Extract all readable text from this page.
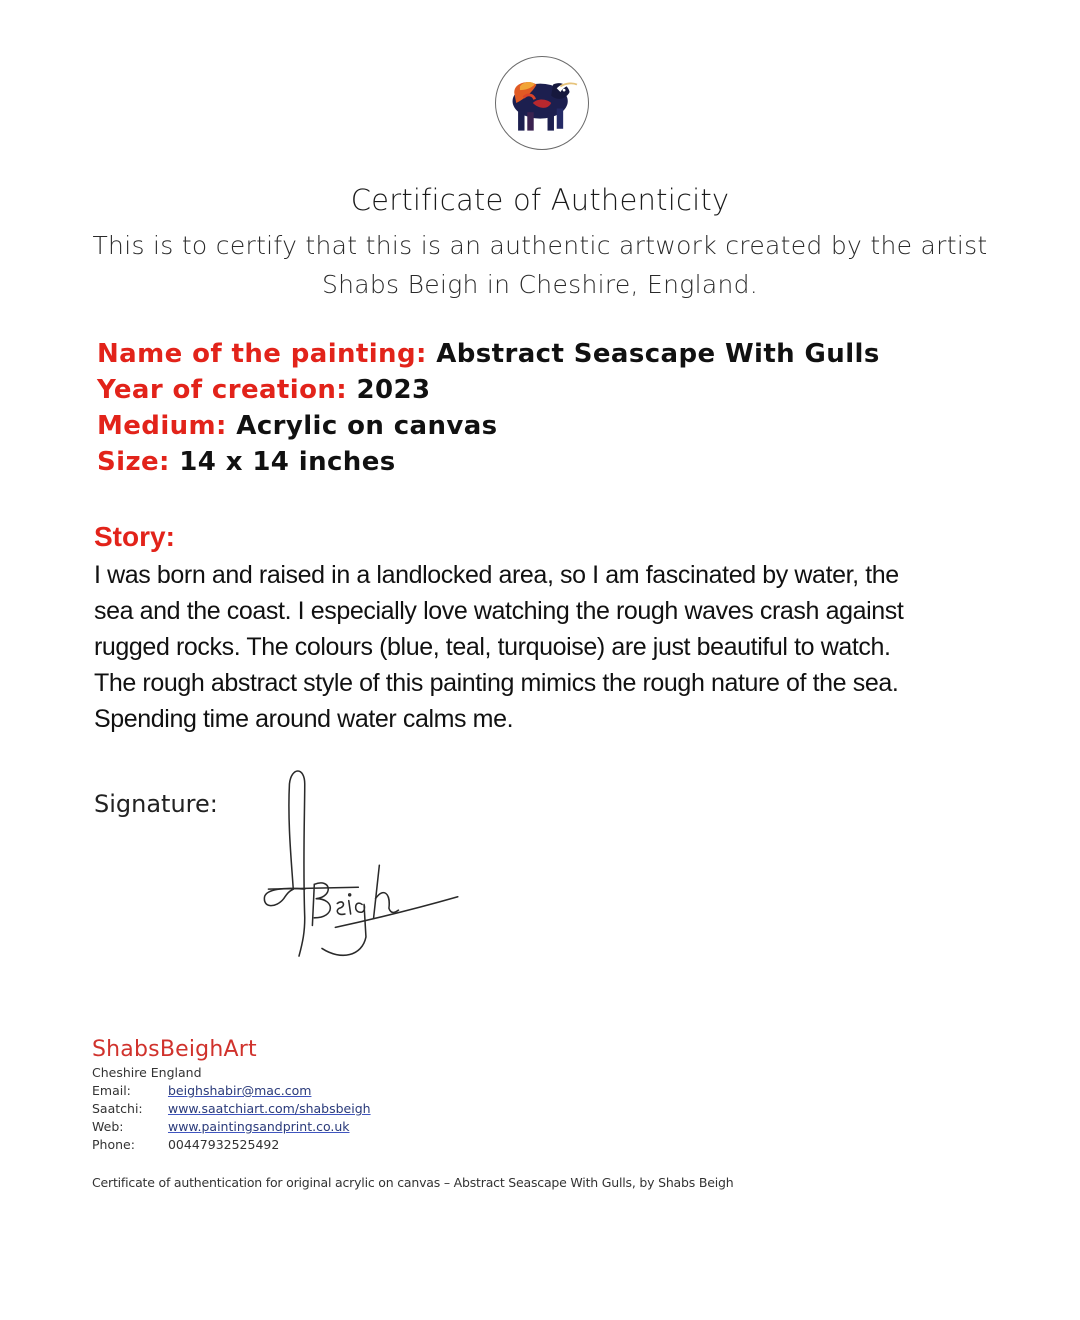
Certificate of Authenticity
This is to certify that this is an authentic artwork created by the artist
Shabs Beigh in Cheshire, England.
Name of the painting: Abstract Seascape With Gulls
Year of creation: 2023
Medium: Acrylic on canvas
Size: 14 x 14 inches
Story:
I was born and raised in a landlocked area, so I am fascinated by water, the
sea and the coast. I especially love watching the rough waves crash against
rugged rocks. The colours (blue, teal, turquoise) are just beautiful to watch.
The rough abstract style of this painting mimics the rough nature of the sea.
Spending time around water calms me.
Signature:
ShabsBeighArt
Cheshire England
Email:	beighshabir@mac.com
Saatchi: www.saatchiart.com/shabsbeigh
Web:	www.paintingsandprint.co.uk
Phone:	00447932525492
Certificate of authentication for original acrylic on canvas – Abstract Seascape With Gulls, by Shabs Beigh
